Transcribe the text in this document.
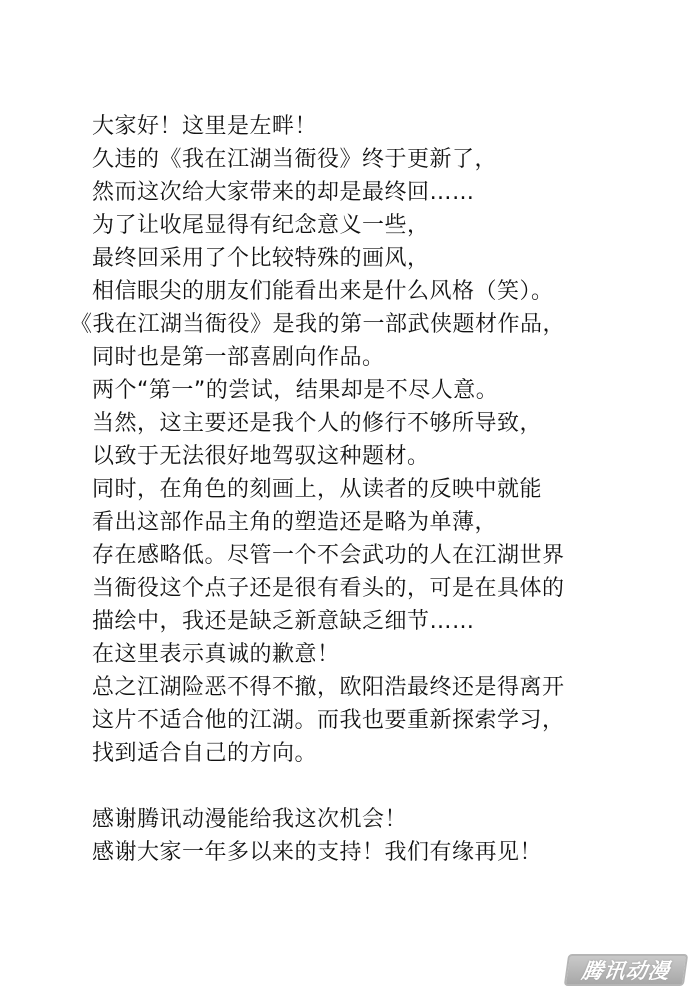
大家好！这里是左畔！
久违的《我在江湖当衙役》终于更新了，
然而这次给大家带来的却是最终回……
为了让收尾显得有纪念意义一些，
最终回采用了个比较特殊的画风，
相信眼尖的朋友们能看出来是什么风格（笑）。
《我在江湖当衙役》是我的第一部武侠题材作品，
同时也是第一部喜剧向作品。
两个“第一”的尝试，结果却是不尽人意。
当然，这主要还是我个人的修行不够所导致，
以致于无法很好地驾驭这种题材。
同时，在角色的刻画上，从读者的反映中就能
看出这部作品主角的塑造还是略为单薄，
存在感略低。尽管一个不会武功的人在江湖世界
当衙役这个点子还是很有看头的，可是在具体的
描绘中，我还是缺乏新意缺乏细节……
在这里表示真诚的歉意！
总之江湖险恶不得不撤，欧阳浩最终还是得离开
这片不适合他的江湖。而我也要重新探索学习，
找到适合自己的方向。
感谢腾讯动漫能给我这次机会！
感谢大家一年多以来的支持！我们有缘再见！
腾讯动漫
